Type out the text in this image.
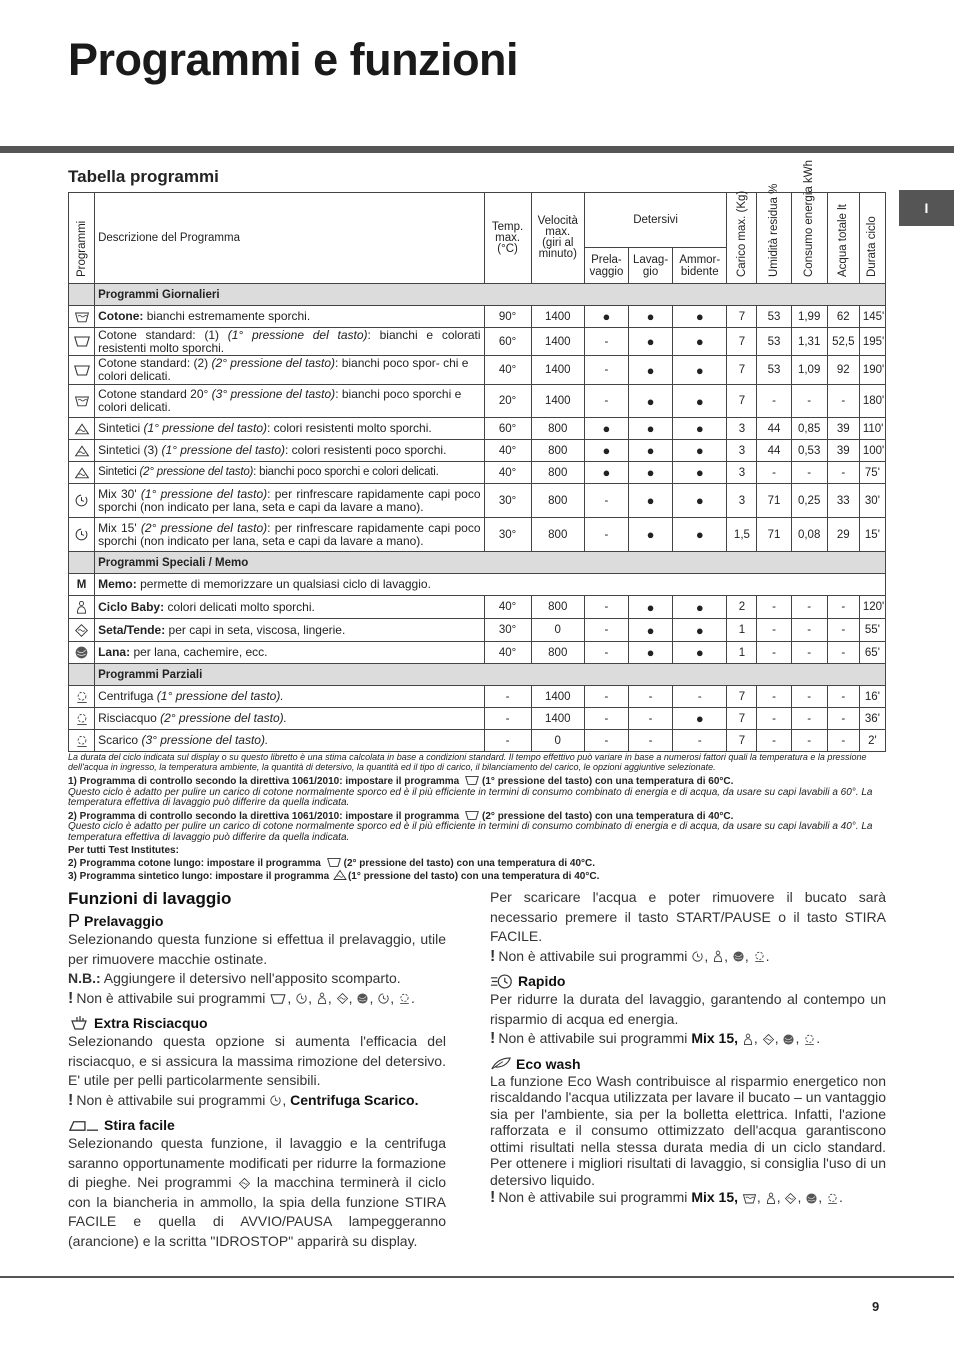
Programmi e funzioni
I
Tabella programmi
Programmi	Descrizione del Programma	Temp. max. (°C)	Velocità max. (giri al minuto)	Detersivi			Carico max. (Kg)	Umidità residua %	Consumo energia kWh	Acqua totale lt	Durata ciclo
				Prela- vaggio	Lavag- gio	Ammor- bidente					
	Programmi Giornalieri										

	Cotone: bianchi estremamente sporchi.	90°	1400	●	●	●	7	53	1,99	62	145'

	Cotone standard: (1) (1° pressione del tasto): bianchi e colorati resistenti molto sporchi.	60°	1400	-	●	●	7	53	1,31	52,5	195'

	Cotone standard: (2) (2° pressione del tasto): bianchi poco spor- chi e colori delicati.	40°	1400	-	●	●	7	53	1,09	92	190'

	Cotone standard 20° (3° pressione del tasto): bianchi poco sporchi e colori delicati.	20°	1400	-	●	●	7	-	-	-	180'

	Sintetici (1° pressione del tasto): colori resistenti molto sporchi.	60°	800	●	●	●	3	44	0,85	39	110'

	Sintetici (3) (1° pressione del tasto): colori resistenti poco sporchi.	40°	800	●	●	●	3	44	0,53	39	100'

	Sintetici (2° pressione del tasto): bianchi poco sporchi e colori delicati.	40°	800	●	●	●	3	-	-	-	75'

	Mix 30' (1° pressione del tasto): per rinfrescare rapidamente capi poco sporchi (non indicato per lana, seta e capi da lavare a mano).	30°	800	-	●	●	3	71	0,25	33	30'

	Mix 15' (2° pressione del tasto): per rinfrescare rapidamente capi poco sporchi (non indicato per lana, seta e capi da lavare a mano).	30°	800	-	●	●	1,5	71	0,08	29	15'
	Programmi Speciali / Memo										
M	Memo: permette di memorizzare un qualsiasi ciclo di lavaggio.										

	Ciclo Baby: colori delicati molto sporchi.	40°	800	-	●	●	2	-	-	-	120'

	Seta/Tende: per capi in seta, viscosa, lingerie.	30°	0	-	●	●	1	-	-	-	55'

	Lana: per lana, cachemire, ecc.	40°	800	-	●	●	1	-	-	-	65'
	Programmi Parziali										

	Centrifuga (1° pressione del tasto).	-	1400	-	-	-	7	-	-	-	16'

	Risciacquo (2° pressione del tasto).	-	1400	-	-	●	7	-	-	-	36'

	Scarico (3° pressione del tasto).	-	0	-	-	-	7	-	-	-	2'

La durata del ciclo indicata sul display o su questo libretto è una stima calcolata in base a condizioni standard. Il tempo effettivo può variare in base a numerosi fattori quali la temperatura e la pressione dell'acqua in ingresso, la temperatura ambiente, la quantità di detersivo, la quantità ed il tipo di carico, il bilanciamento del carico, le opzioni aggiuntive selezionate.

1) Programma di controllo secondo la direttiva 1061/2010: impostare il programma (1° pressione del tasto) con una temperatura di 60°C.

Questo ciclo è adatto per pulire un carico di cotone normalmente sporco ed è il più efficiente in termini di consumo combinato di energia e di acqua, da usare su capi lavabili a 60°. La temperatura effettiva di lavaggio può differire da quella indicata.

2) Programma di controllo secondo la direttiva 1061/2010: impostare il programma (2° pressione del tasto) con una temperatura di 40°C.

Questo ciclo è adatto per pulire un carico di cotone normalmente sporco ed è il più efficiente in termini di consumo combinato di energia e di acqua, da usare su capi lavabili a 40°. La temperatura effettiva di lavaggio può differire da quella indicata.

Per tutti Test Institutes:

2) Programma cotone lungo: impostare il programma (2° pressione del tasto) con una temperatura di 40°C.

3) Programma sintetico lungo: impostare il programma (1° pressione del tasto) con una temperatura di 40°C.

Funzioni di lavaggio
P Prelavaggio

Selezionando questa funzione si effettua il prelavaggio, utile per rimuovere macchie ostinate.

N.B.: Aggiungere il detersivo nell'apposito scomparto.

! Non è attivabile sui programmi , , , , , , .

Extra Risciacquo

Selezionando questa opzione si aumenta l'efficacia del risciacquo, e si assicura la massima rimozione del detersivo. E' utile per pelli particolarmente sensibili.

! Non è attivabile sui programmi , Centrifuga Scarico.

Stira facile

Selezionando questa funzione, il lavaggio e la centrifuga saranno opportunamente modificati per ridurre la formazione di pieghe. Nei programmi la macchina terminerà il ciclo con la biancheria in ammollo, la spia della funzione STIRA FACILE e quella di AVVIO/PAUSA lampeggeranno (arancione) e la scritta "IDROSTOP" apparirà su display.

Per scaricare l'acqua e poter rimuovere il bucato sarà necessario premere il tasto START/PAUSE o il tasto STIRA FACILE.

! Non è attivabile sui programmi , , , .

Rapido

Per ridurre la durata del lavaggio, garantendo al contempo un risparmio di acqua ed energia.

! Non è attivabile sui programmi Mix 15, , , , .

Eco wash

La funzione Eco Wash contribuisce al risparmio energetico non riscaldando l'acqua utilizzata per lavare il bucato – un vantaggio sia per l'ambiente, sia per la bolletta elettrica. Infatti, l'azione rafforzata e il consumo ottimizzato dell'acqua garantiscono ottimi risultati nella stessa durata media di un ciclo standard. Per ottenere i migliori risultati di lavaggio, si consiglia l'uso di un detersivo liquido.

! Non è attivabile sui programmi Mix 15, , , , , .

9
